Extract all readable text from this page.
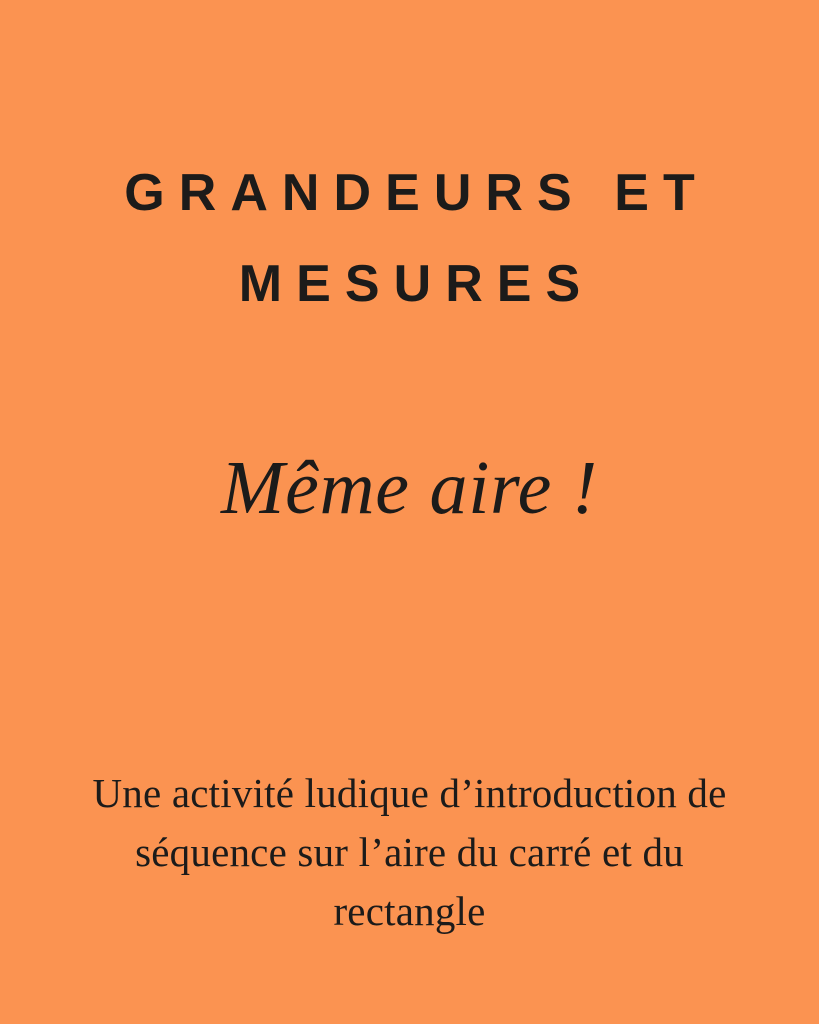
GRANDEURS ET
MESURES
Même aire !
Une activité ludique d’introduction de
séquence sur l’aire du carré et du
rectangle
